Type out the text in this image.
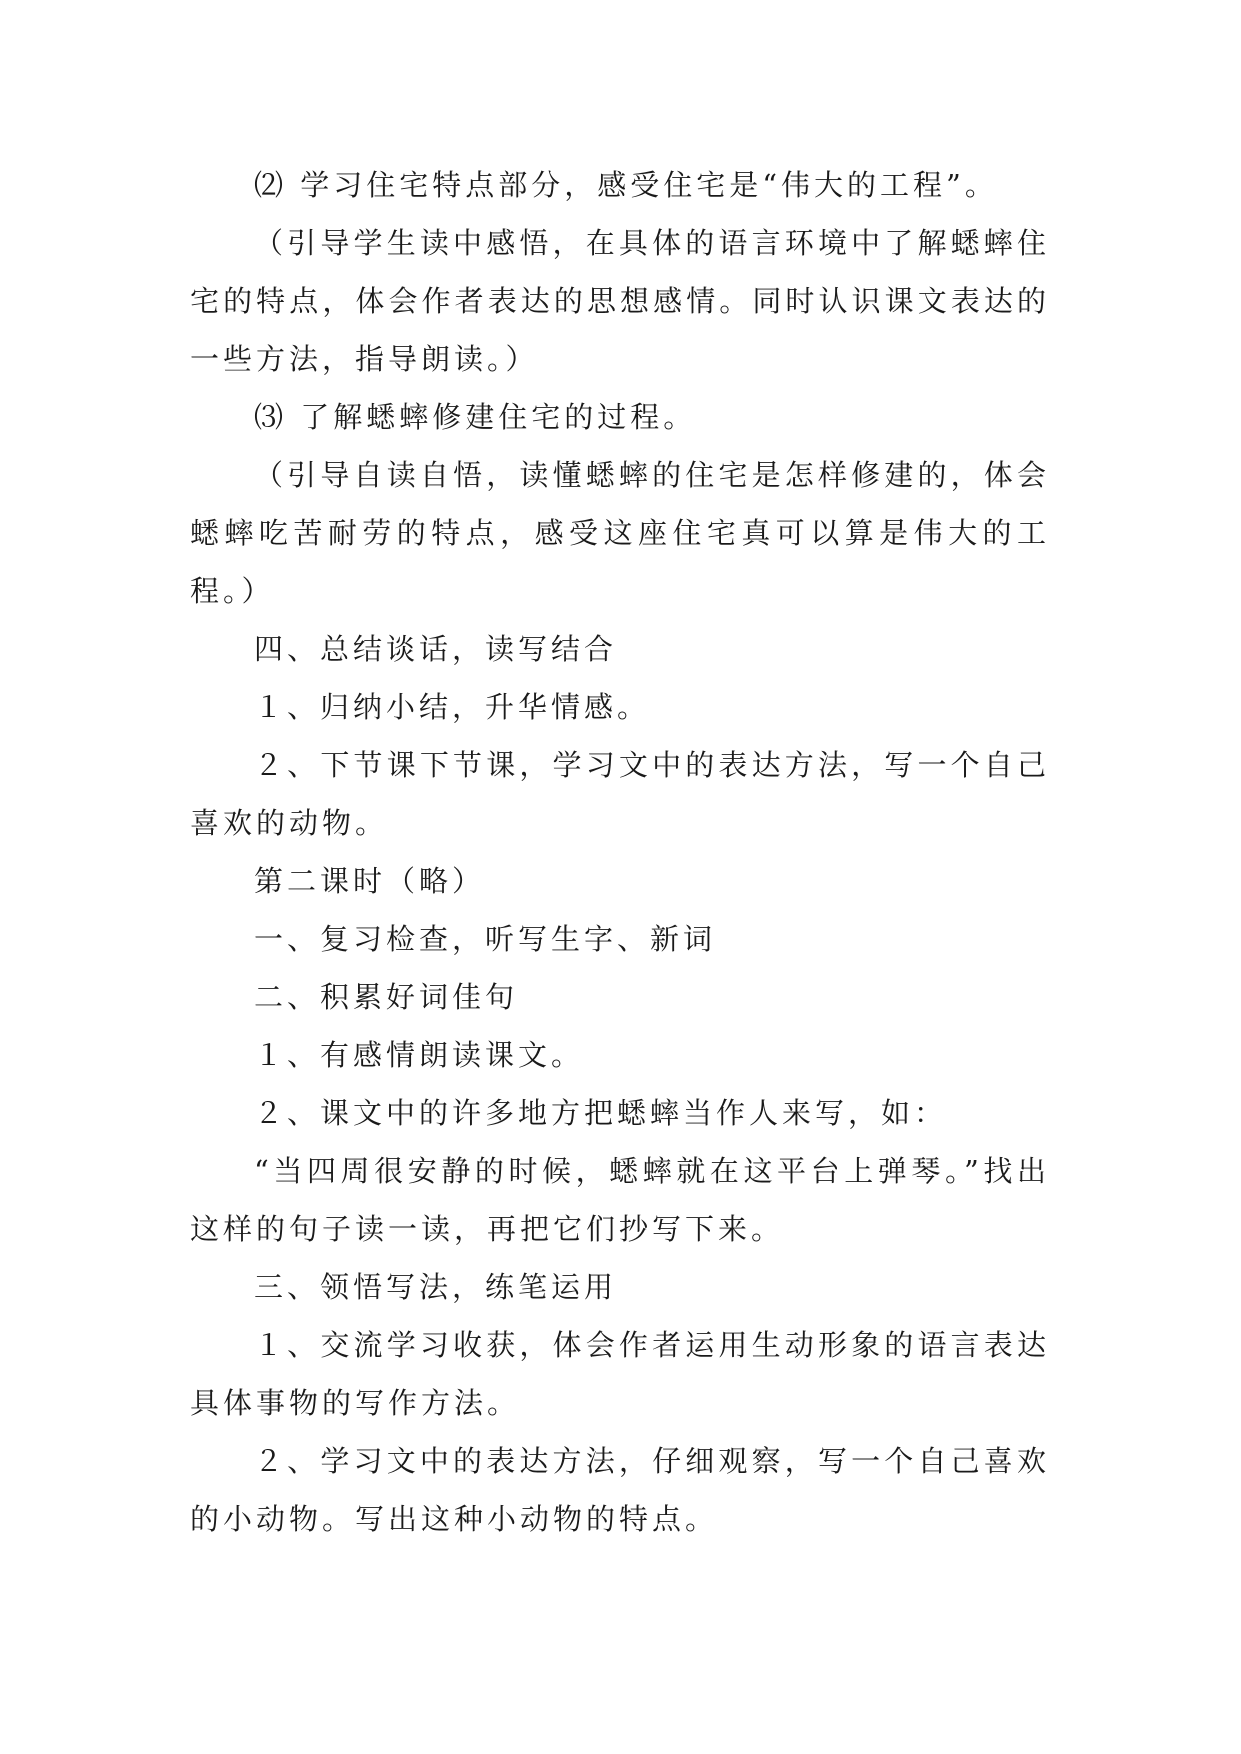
⑵ 学习住宅特点部分，感受住宅是“伟大的工程”。

（引导学生读中感悟，在具体的语言环境中了解蟋蟀住宅的特点，体会作者表达的思想感情。同时认识课文表达的一些方法，指导朗读。）

⑶ 了解蟋蟀修建住宅的过程。

（引导自读自悟，读懂蟋蟀的住宅是怎样修建的，体会蟋蟀吃苦耐劳的特点，感受这座住宅真可以算是伟大的工程。）

四、总结谈话，读写结合

１、归纳小结，升华情感。

２、下节课下节课，学习文中的表达方法，写一个自己喜欢的动物。

第二课时（略）

一、复习检查，听写生字、新词

二、积累好词佳句

１、有感情朗读课文。

２、课文中的许多地方把蟋蟀当作人来写，如：

“当四周很安静的时候，蟋蟀就在这平台上弹琴。”找出这样的句子读一读，再把它们抄写下来。

三、领悟写法，练笔运用

１、交流学习收获，体会作者运用生动形象的语言表达具体事物的写作方法。

２、学习文中的表达方法，仔细观察，写一个自己喜欢的小动物。写出这种小动物的特点。
